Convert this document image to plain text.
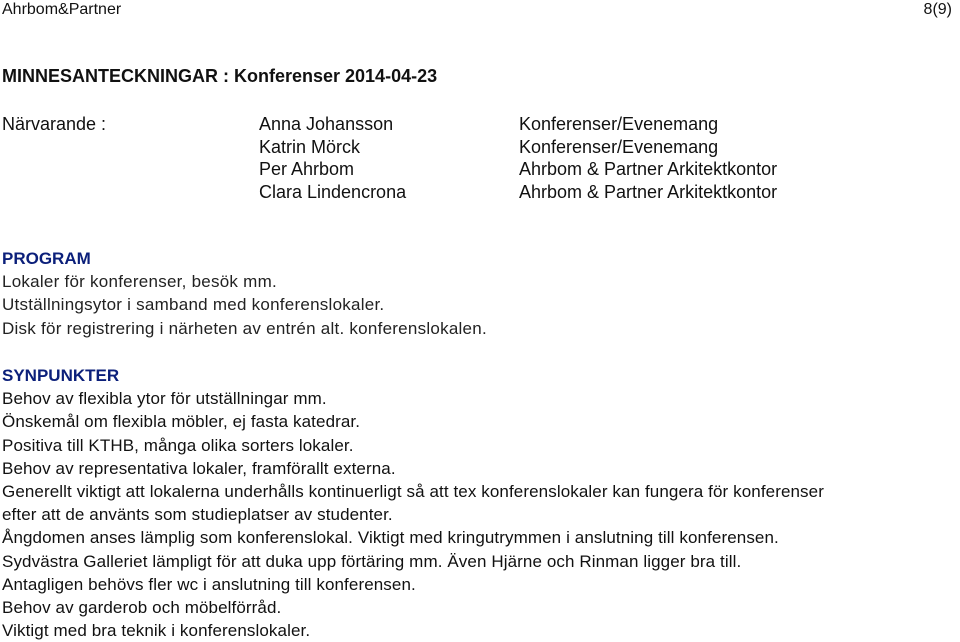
Ahrbom&Partner	8(9)
MINNESANTECKNINGAR : Konferenser 2014-04-23
Närvarande :	Anna Johansson
Katrin Mörck
Per Ahrbom
Clara Lindencrona
Konferenser/Evenemang
Konferenser/Evenemang
Ahrbom & Partner Arkitektkontor
Ahrbom & Partner Arkitektkontor
PROGRAM
Lokaler för konferenser, besök mm.
Utställningsytor i samband med konferenslokaler.
Disk för registrering i närheten av entrén alt. konferenslokalen.
SYNPUNKTER
Behov av flexibla ytor för utställningar mm.
Önskemål om flexibla möbler, ej fasta katedrar.
Positiva till KTHB, många olika sorters lokaler.
Behov av representativa lokaler, framförallt externa.
Generellt viktigt att lokalerna underhålls kontinuerligt så att tex konferenslokaler kan fungera för konferenser
efter att de använts som studieplatser av studenter.
Ångdomen anses lämplig som konferenslokal. Viktigt med kringutrymmen i anslutning till konferensen.
Sydvästra Galleriet lämpligt för att duka upp förtäring mm. Även Hjärne och Rinman ligger bra till.
Antagligen behövs fler wc i anslutning till konferensen.
Behov av garderob och möbelförråd.
Viktigt med bra teknik i konferenslokaler.
